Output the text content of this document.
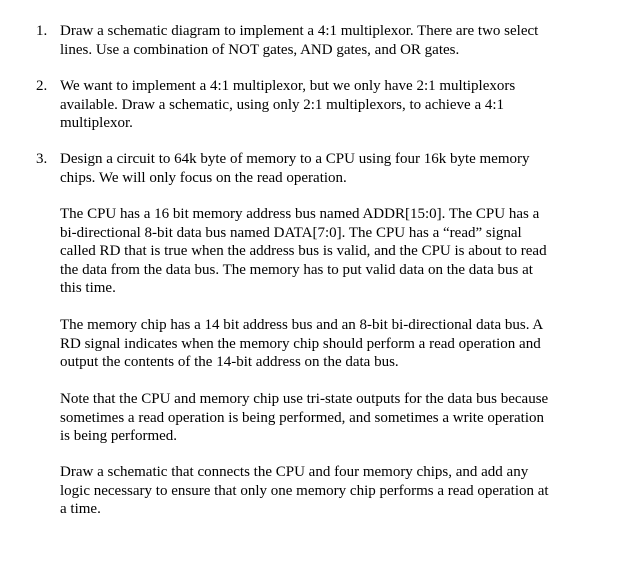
1. Draw a schematic diagram to implement a 4:1 multiplexor. There are two select
lines. Use a combination of NOT gates, AND gates, and OR gates.
2. We want to implement a 4:1 multiplexor, but we only have 2:1 multiplexors
available. Draw a schematic, using only 2:1 multiplexors, to achieve a 4:1
multiplexor.
3. Design a circuit to 64k byte of memory to a CPU using four 16k byte memory
chips. We will only focus on the read operation.
The CPU has a 16 bit memory address bus named ADDR[15:0]. The CPU has a
bi-directional 8-bit data bus named DATA[7:0]. The CPU has a “read” signal
called RD that is true when the address bus is valid, and the CPU is about to read
the data from the data bus. The memory has to put valid data on the data bus at
this time.
The memory chip has a 14 bit address bus and an 8-bit bi-directional data bus. A
RD signal indicates when the memory chip should perform a read operation and
output the contents of the 14-bit address on the data bus.
Note that the CPU and memory chip use tri-state outputs for the data bus because
sometimes a read operation is being performed, and sometimes a write operation
is being performed.
Draw a schematic that connects the CPU and four memory chips, and add any
logic necessary to ensure that only one memory chip performs a read operation at
a time.
